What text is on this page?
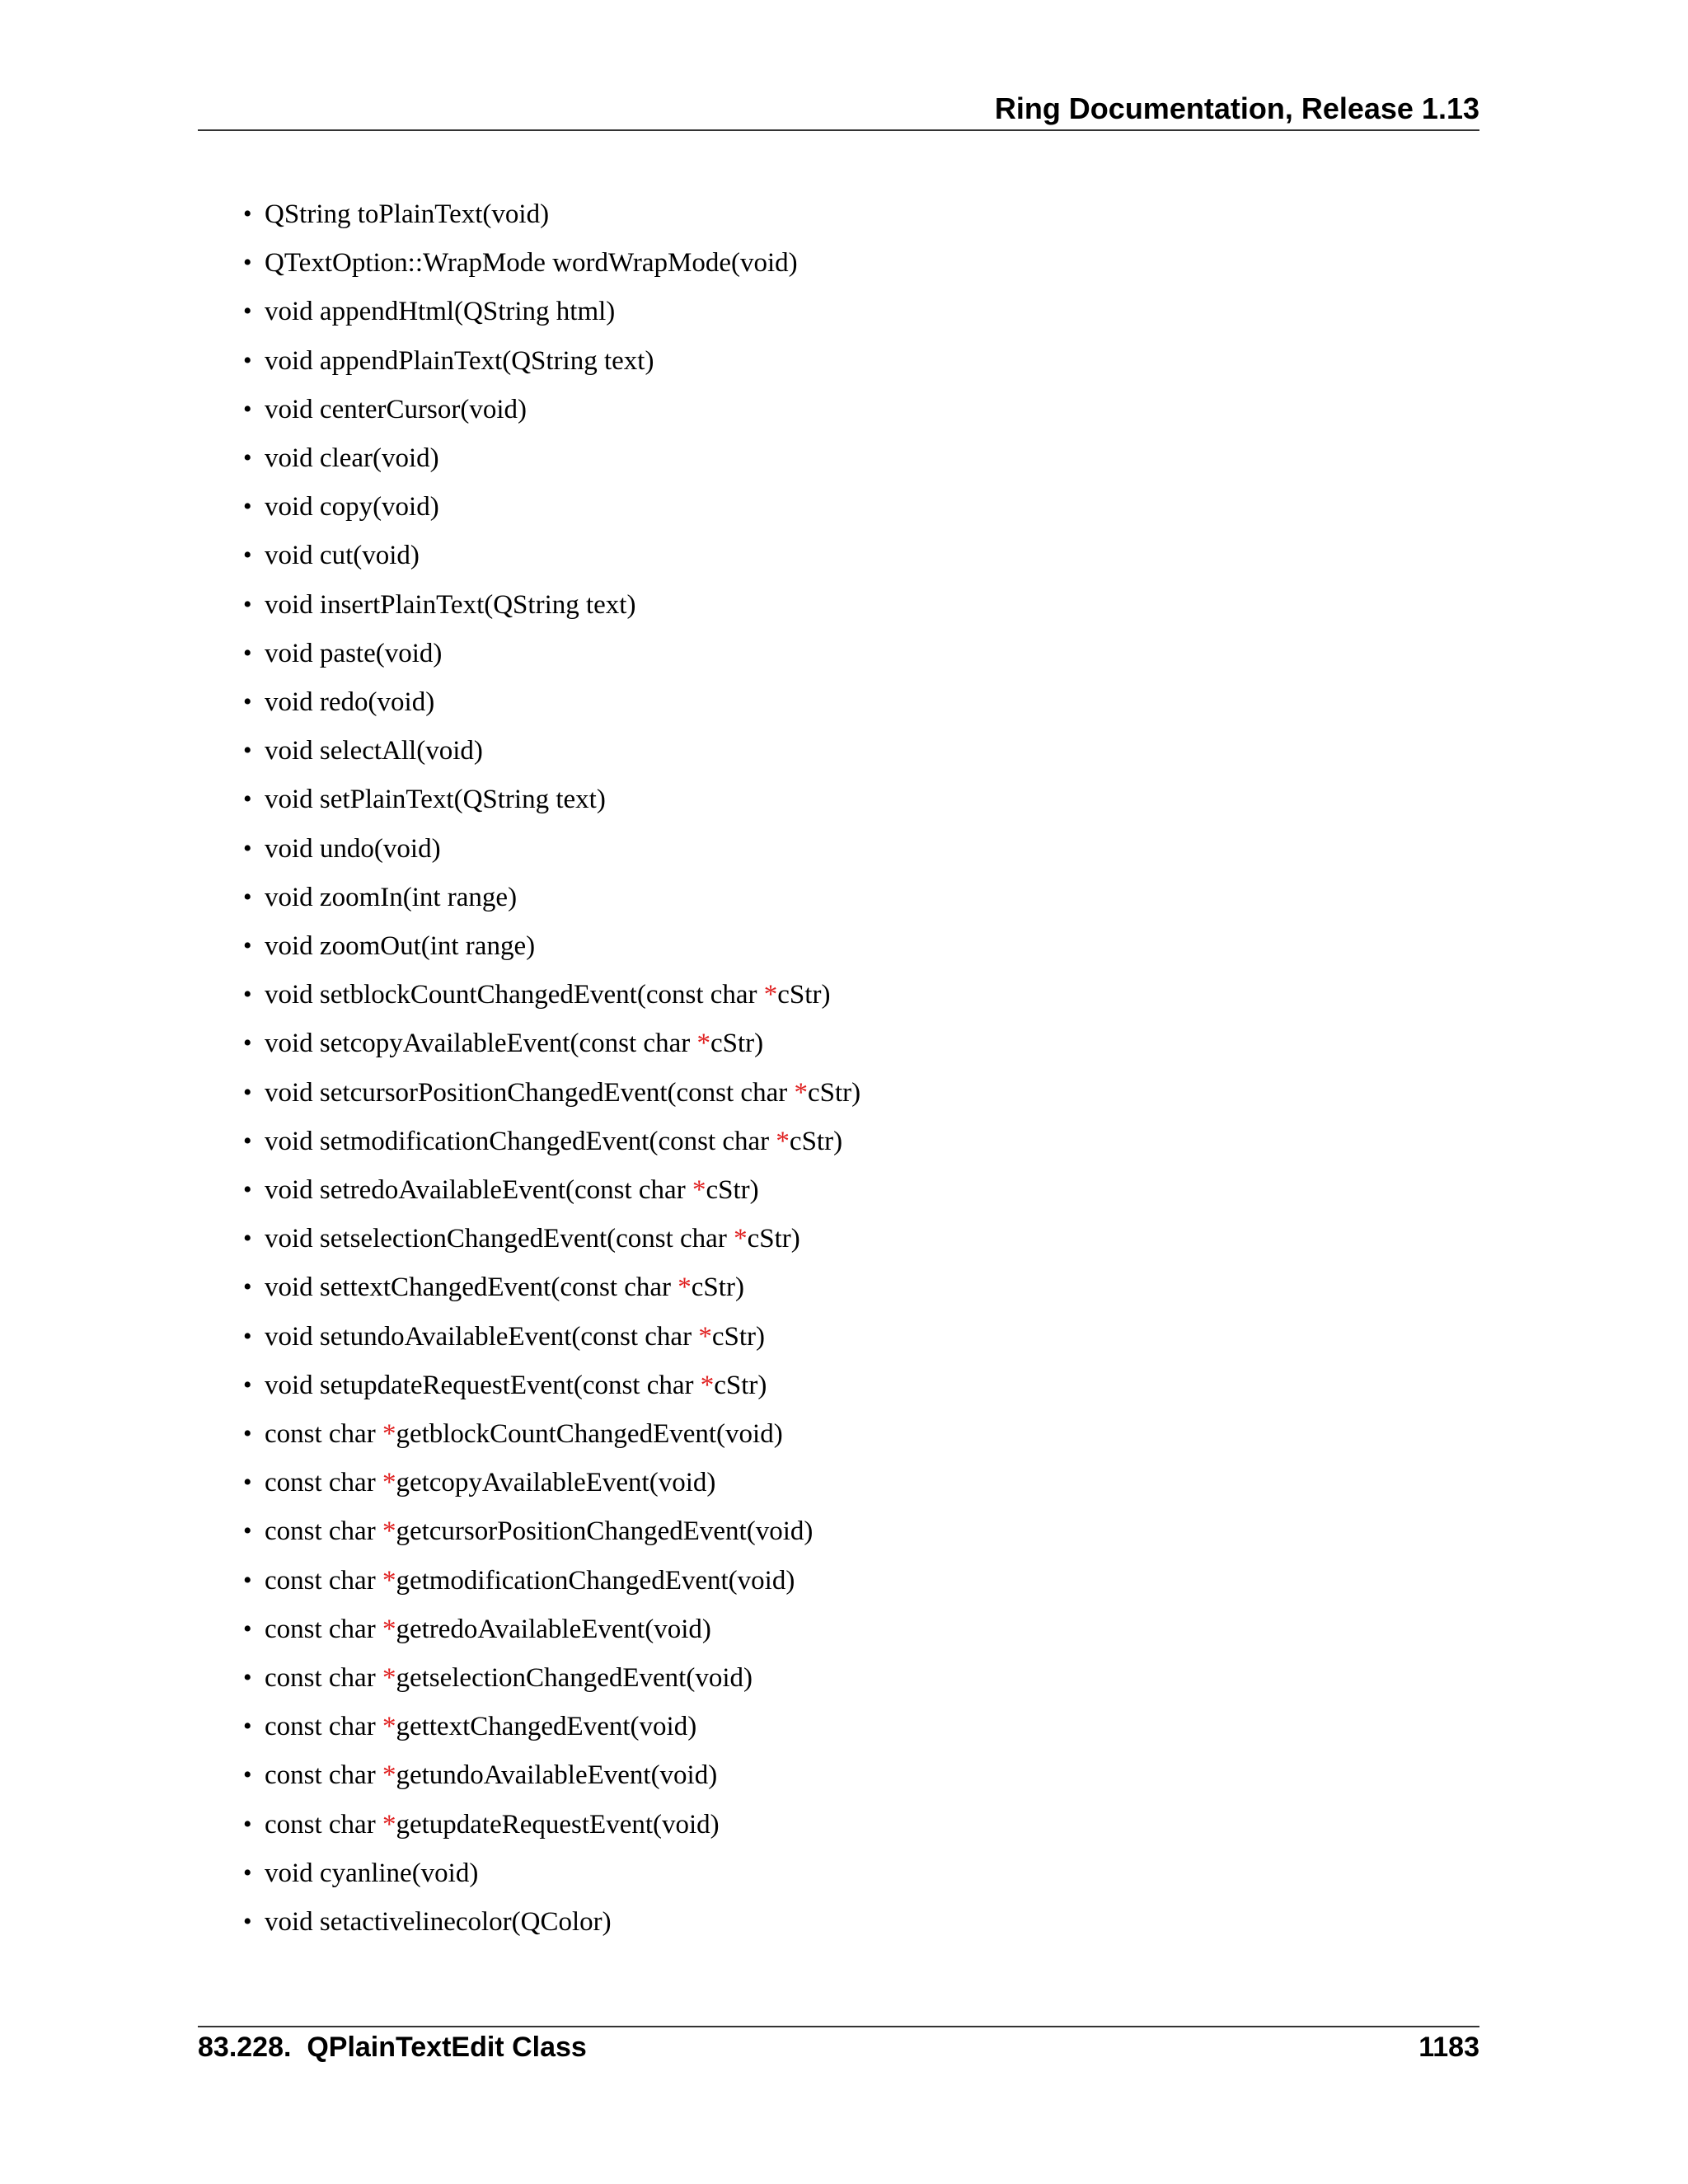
Ring Documentation, Release 1.13
• QString toPlainText(void)
• QTextOption::WrapMode wordWrapMode(void)
• void appendHtml(QString html)
• void appendPlainText(QString text)
• void centerCursor(void)
• void clear(void)
• void copy(void)
• void cut(void)
• void insertPlainText(QString text)
• void paste(void)
• void redo(void)
• void selectAll(void)
• void setPlainText(QString text)
• void undo(void)
• void zoomIn(int range)
• void zoomOut(int range)
• void setblockCountChangedEvent(const char *cStr)
• void setcopyAvailableEvent(const char *cStr)
• void setcursorPositionChangedEvent(const char *cStr)
• void setmodificationChangedEvent(const char *cStr)
• void setredoAvailableEvent(const char *cStr)
• void setselectionChangedEvent(const char *cStr)
• void settextChangedEvent(const char *cStr)
• void setundoAvailableEvent(const char *cStr)
• void setupdateRequestEvent(const char *cStr)
• const char *getblockCountChangedEvent(void)
• const char *getcopyAvailableEvent(void)
• const char *getcursorPositionChangedEvent(void)
• const char *getmodificationChangedEvent(void)
• const char *getredoAvailableEvent(void)
• const char *getselectionChangedEvent(void)
• const char *gettextChangedEvent(void)
• const char *getundoAvailableEvent(void)
• const char *getupdateRequestEvent(void)
• void cyanline(void)
• void setactivelinecolor(QColor)
83.228.  QPlainTextEdit Class	1183
